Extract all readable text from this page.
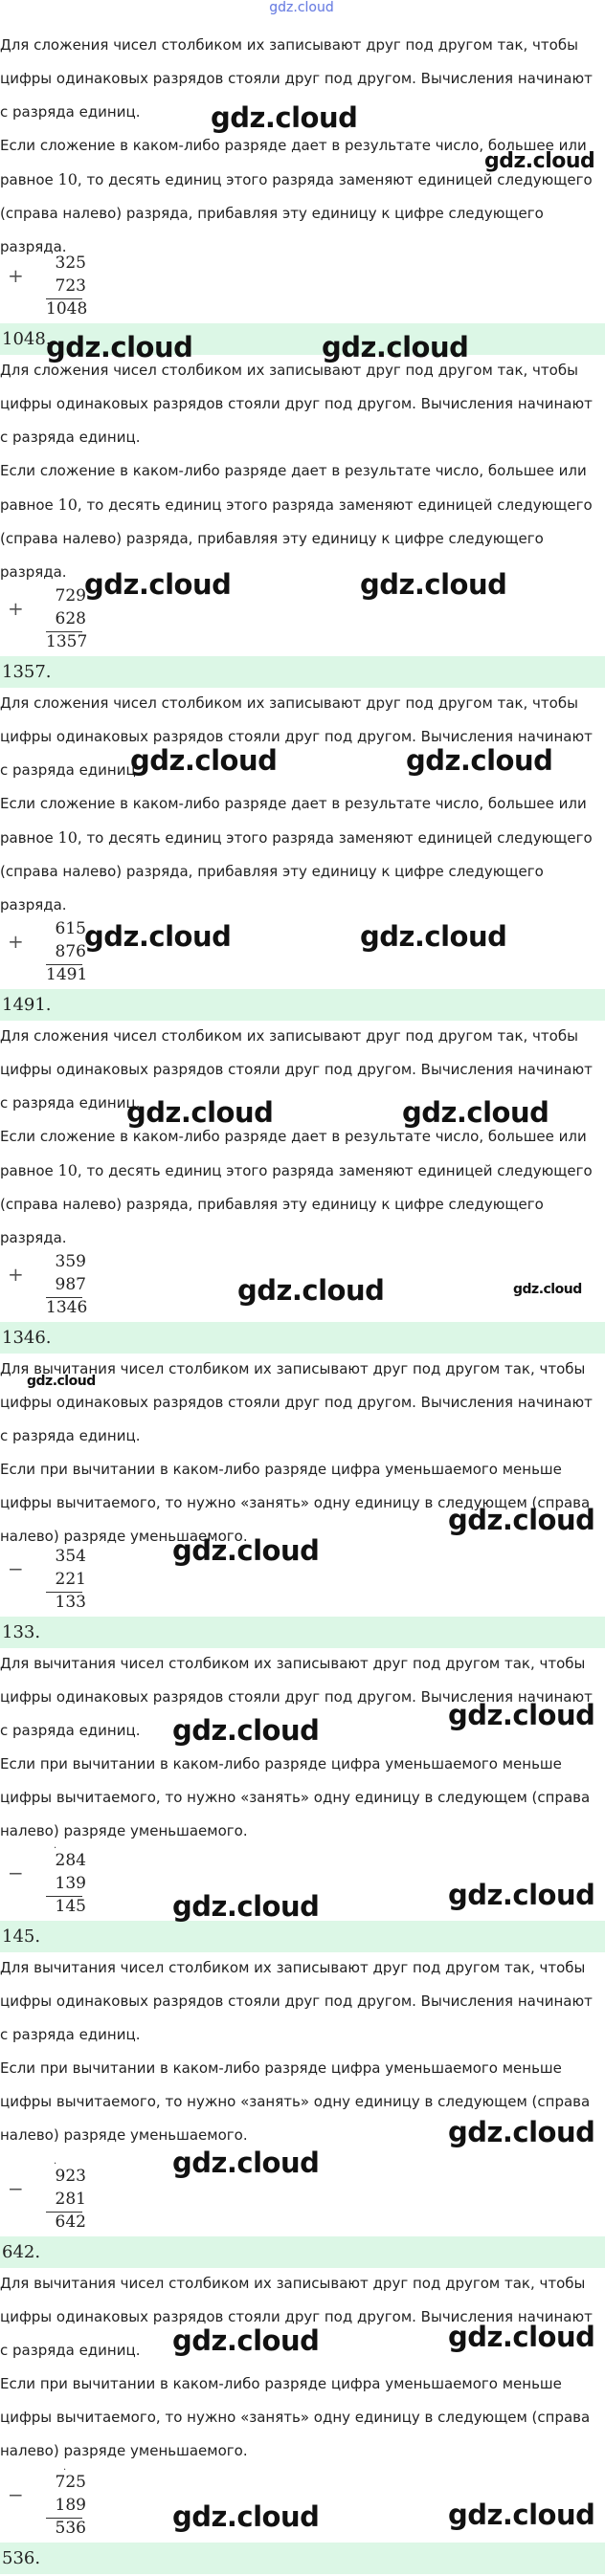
gdz.cloud

Для сложения чисел столбиком их записывают друг под другом так, чтобы цифры одинаковых разрядов стояли друг под другом. Вычисления начинают с разряда единиц.

Если сложение в каком-либо разряде дает в результате число, большее или равное 10, то десять единиц этого разряда заменяют единицей следующего (справа налево) разряда, прибавляя эту единицу к цифре следующего разряда.

+
325
723
1048
1048.

Для сложения чисел столбиком их записывают друг под другом так, чтобы цифры одинаковых разрядов стояли друг под другом. Вычисления начинают с разряда единиц.

Если сложение в каком-либо разряде дает в результате число, большее или равное 10, то десять единиц этого разряда заменяют единицей следующего (справа налево) разряда, прибавляя эту единицу к цифре следующего разряда.

+
729
628
1357
1357.

Для сложения чисел столбиком их записывают друг под другом так, чтобы цифры одинаковых разрядов стояли друг под другом. Вычисления начинают с разряда единиц.

Если сложение в каком-либо разряде дает в результате число, большее или равное 10, то десять единиц этого разряда заменяют единицей следующего (справа налево) разряда, прибавляя эту единицу к цифре следующего разряда.

+
615
876
1491
1491.

Для сложения чисел столбиком их записывают друг под другом так, чтобы цифры одинаковых разрядов стояли друг под другом. Вычисления начинают с разряда единиц.

Если сложение в каком-либо разряде дает в результате число, большее или равное 10, то десять единиц этого разряда заменяют единицей следующего (справа налево) разряда, прибавляя эту единицу к цифре следующего разряда.

+
359
987
1346
1346.

Для вычитания чисел столбиком их записывают друг под другом так, чтобы цифры одинаковых разрядов стояли друг под другом. Вычисления начинают с разряда единиц.

Если при вычитании в каком-либо разряде цифра уменьшаемого меньше цифры вычитаемого, то нужно «занять» одну единицу в следующем (справа налево) разряде уменьшаемого.

−
354
221
133
133.

Для вычитания чисел столбиком их записывают друг под другом так, чтобы цифры одинаковых разрядов стояли друг под другом. Вычисления начинают с разряда единиц.

Если при вычитании в каком-либо разряде цифра уменьшаемого меньше цифры вычитаемого, то нужно «занять» одну единицу в следующем (справа налево) разряде уменьшаемого.

−
·
284
139
145
145.

Для вычитания чисел столбиком их записывают друг под другом так, чтобы цифры одинаковых разрядов стояли друг под другом. Вычисления начинают с разряда единиц.

Если при вычитании в каком-либо разряде цифра уменьшаемого меньше цифры вычитаемого, то нужно «занять» одну единицу в следующем (справа налево) разряде уменьшаемого.

−
·
923
281
642
642.

Для вычитания чисел столбиком их записывают друг под другом так, чтобы цифры одинаковых разрядов стояли друг под другом. Вычисления начинают с разряда единиц.

Если при вычитании в каком-либо разряде цифра уменьшаемого меньше цифры вычитаемого, то нужно «занять» одну единицу в следующем (справа налево) разряде уменьшаемого.

−
·
725
189
536
536.
gdz.cloud
gdz.cloud
gdz.cloud	gdz.cloud
gdz.cloud	gdz.cloud
gdz.cloud	gdz.cloud
gdz.cloud	gdz.cloud
gdz.cloud	gdz.cloud
gdz.cloud	gdz.cloud
gdz.cloud
gdz.cloud
gdz.cloud
gdz.cloud	gdz.cloud
gdz.cloud	gdz.cloud
gdz.cloud
gdz.cloud
gdz.cloud	gdz.cloud
gdz.cloud	gdz.cloud
